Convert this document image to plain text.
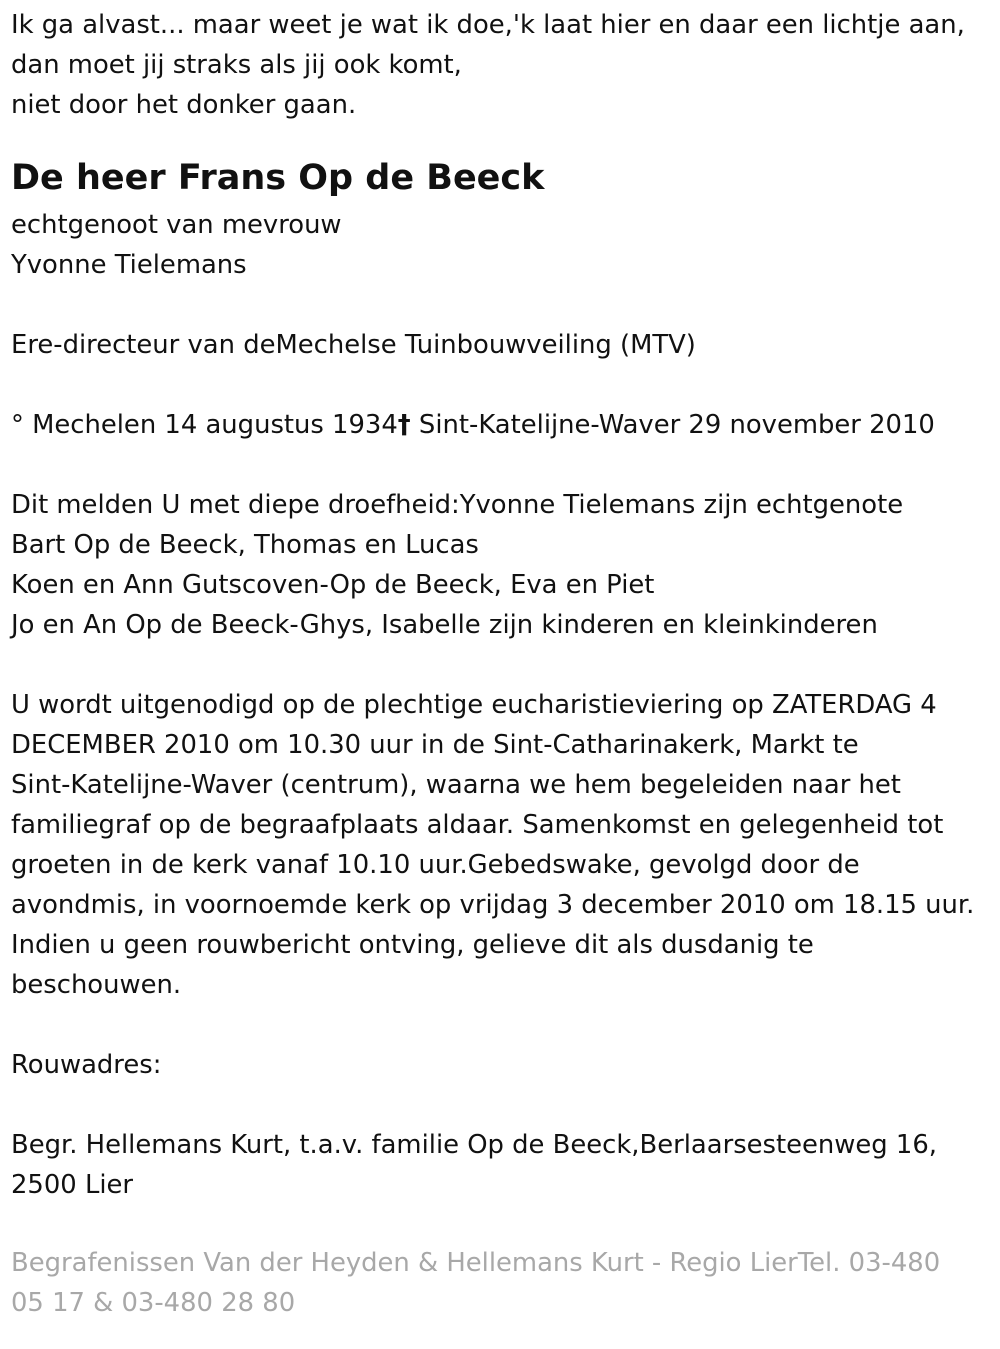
Ik ga alvast... maar weet je wat ik doe,'k laat hier en daar een lichtje aan,

dan moet jij straks als jij ook komt,

niet door het donker gaan.

De heer Frans Op de Beeck

echtgenoot van mevrouw

Yvonne Tielemans

Ere-directeur van deMechelse Tuinbouwveiling (MTV)

° Mechelen 14 augustus 1934† Sint-Katelijne-Waver 29 november 2010

Dit melden U met diepe droefheid:Yvonne Tielemans zijn echtgenote

Bart Op de Beeck, Thomas en Lucas

Koen en Ann Gutscoven-Op de Beeck, Eva en Piet

Jo en An Op de Beeck-Ghys, Isabelle zijn kinderen en kleinkinderen

U wordt uitgenodigd op de plechtige eucharistieviering op ZATERDAG 4

DECEMBER 2010 om 10.30 uur in de Sint-Catharinakerk, Markt te

Sint-Katelijne-Waver (centrum), waarna we hem begeleiden naar het

familiegraf op de begraafplaats aldaar. Samenkomst en gelegenheid tot

groeten in de kerk vanaf 10.10 uur.Gebedswake, gevolgd door de

avondmis, in voornoemde kerk op vrijdag 3 december 2010 om 18.15 uur.

Indien u geen rouwbericht ontving, gelieve dit als dusdanig te

beschouwen.

Rouwadres:

Begr. Hellemans Kurt, t.a.v. familie Op de Beeck,Berlaarsesteenweg 16,

2500 Lier

Begrafenissen Van der Heyden & Hellemans Kurt - Regio LierTel. 03-480

05 17 & 03-480 28 80
